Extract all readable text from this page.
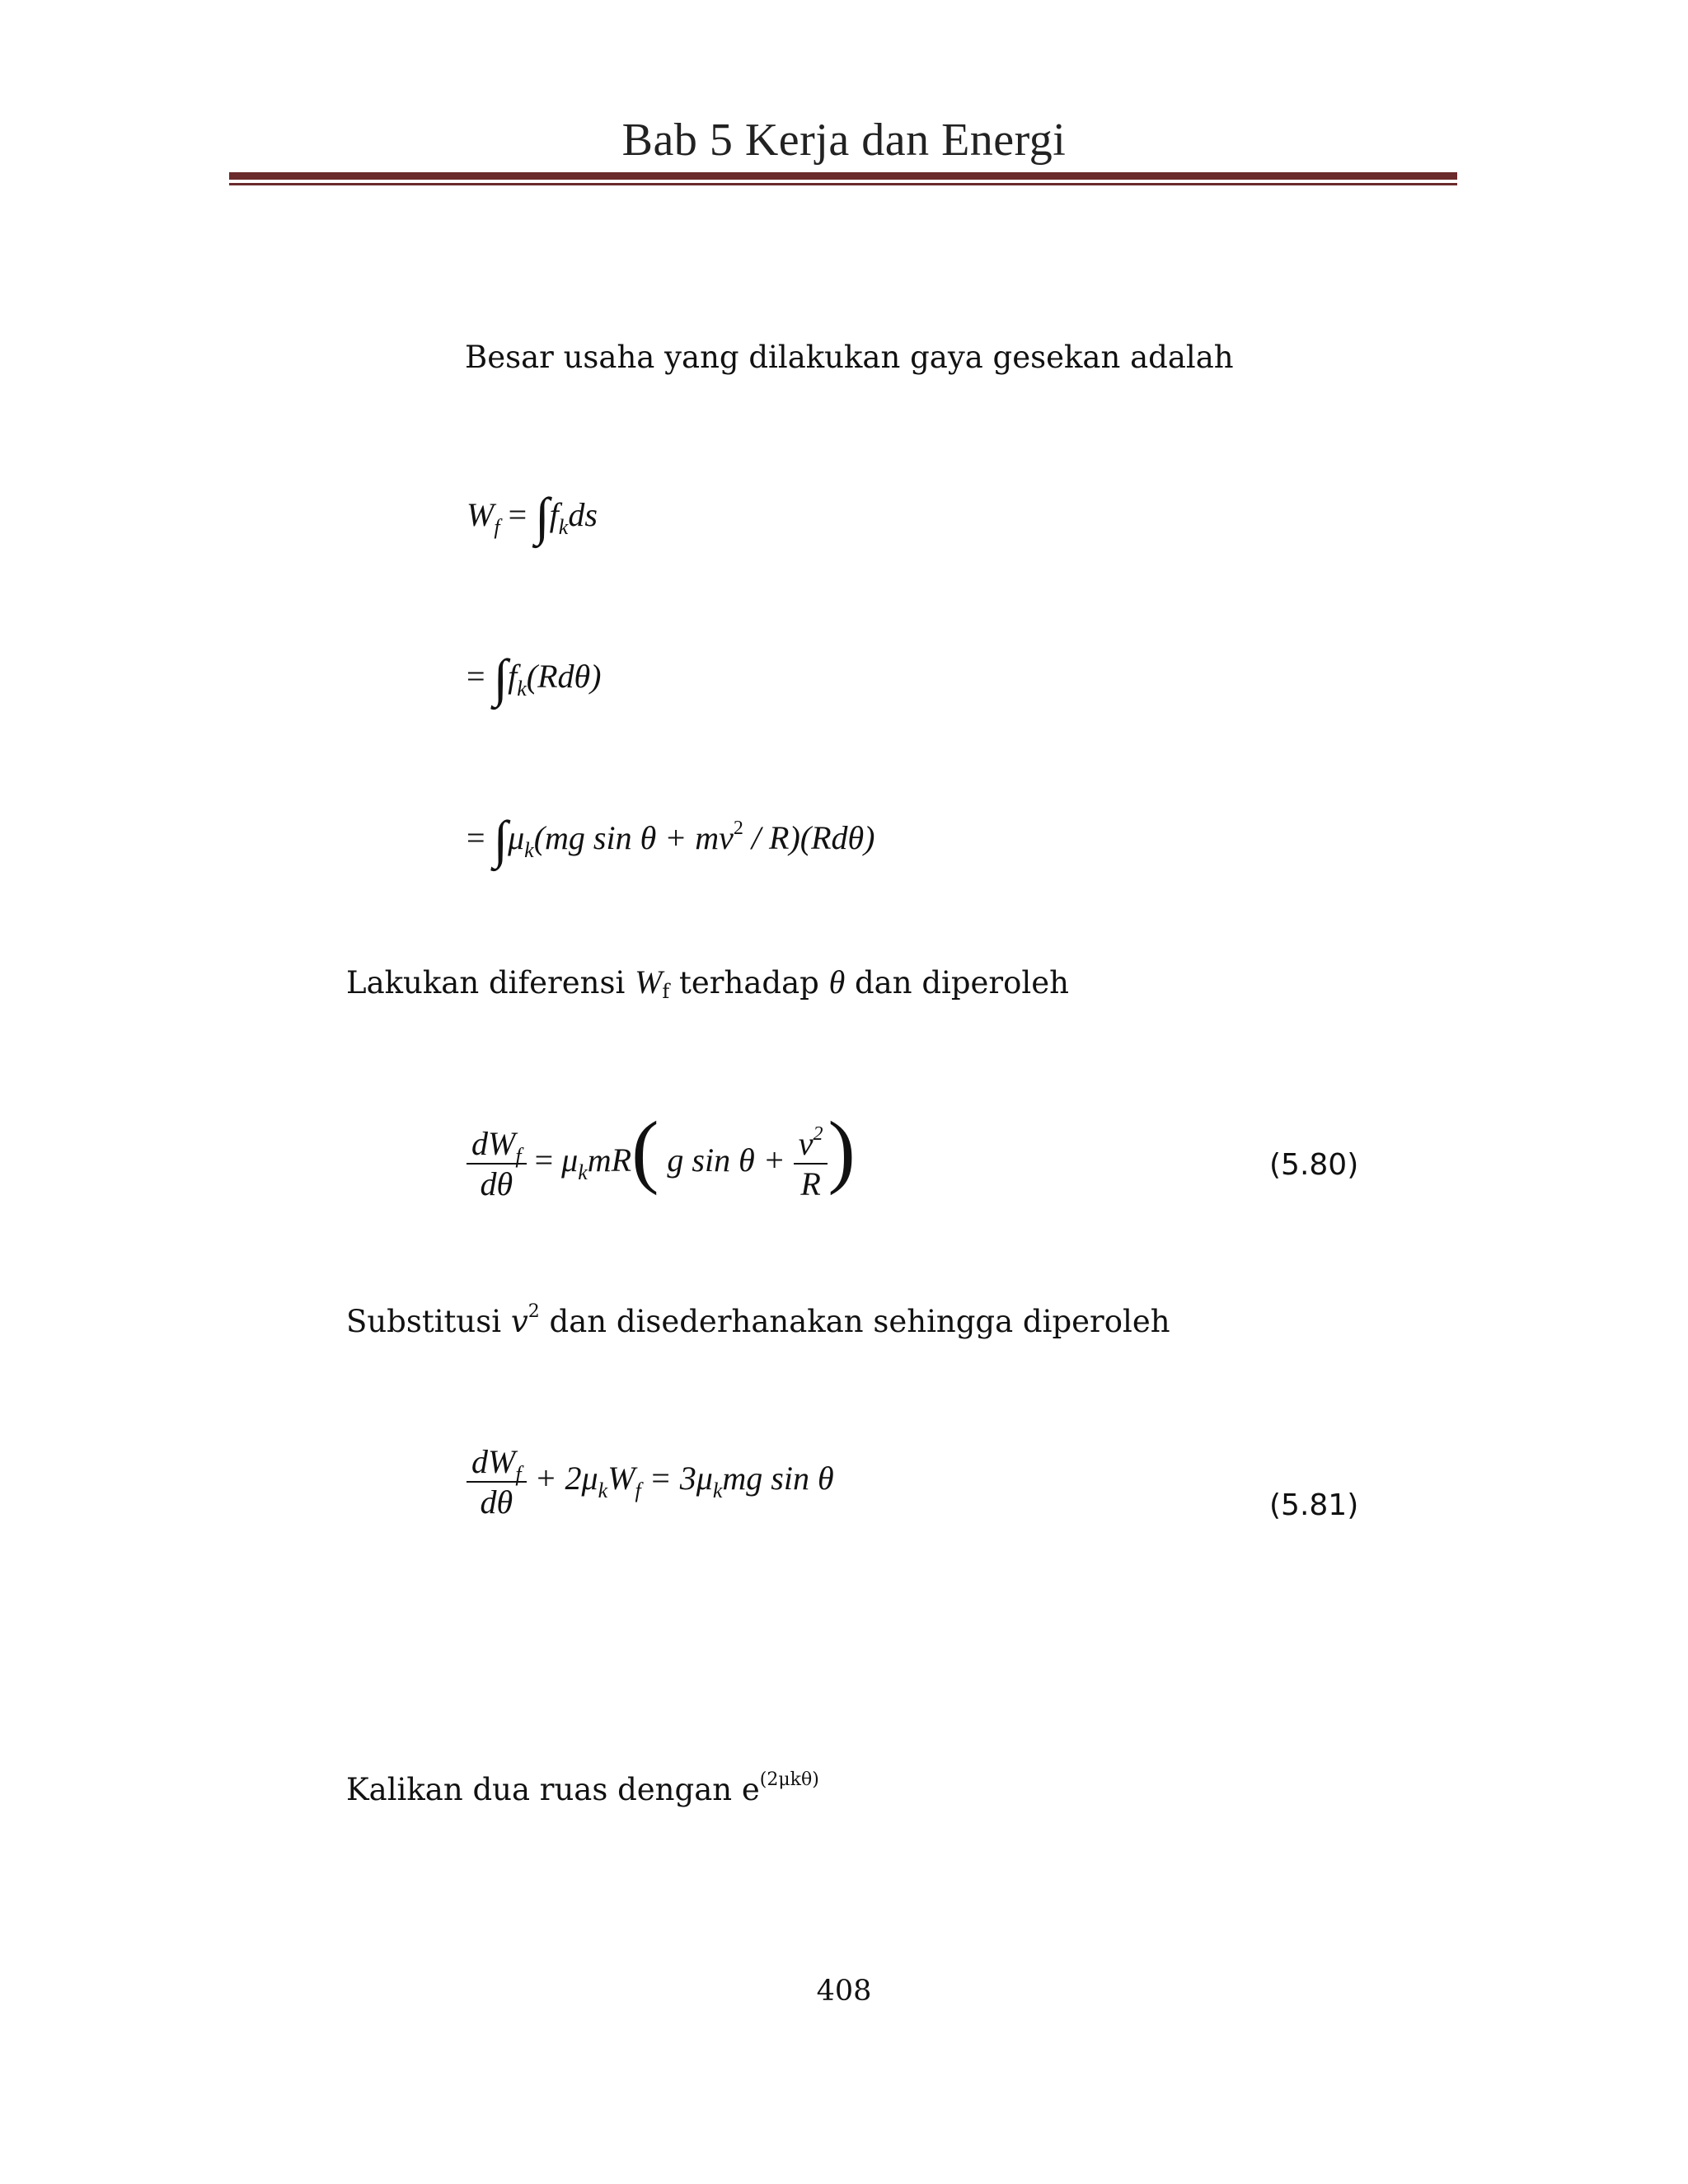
Bab 5 Kerja dan Energi
Besar usaha yang dilakukan gaya gesekan adalah
$W_f = \int f_kds$
= $\int f_k(Rd\theta)$
= $\int\mu_k(mg$ $\sin \theta + mv^2 / R)(Rd\theta)$
Lakukan diferensi Wf terhadap θ dan diperoleh
$\frac{dW_f}{d\theta} = \mu_kmR$( g $\sin \theta + \frac{v^2}{R}$ )	(5.80)
Substitusi $v^2$ dan disederhanakan sehingga diperoleh
$\frac{dW_f}{d\theta} + 2\mu_kW_f = 3\mu_kmg$ sin θ
(5.81)
Kalikan dua ruas dengan $e^{(2\mu k\theta)}$
408
